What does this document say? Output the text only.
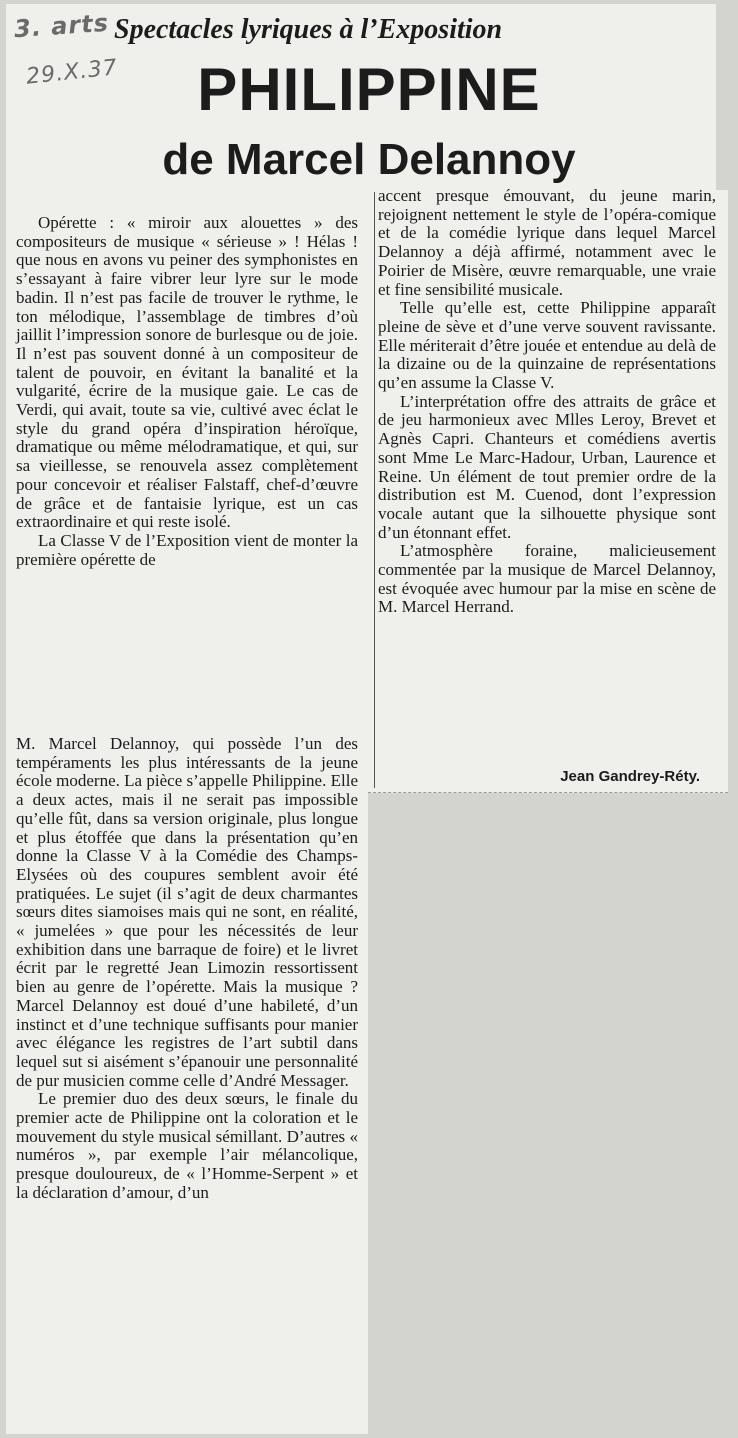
3. arts
29.X.37
Spectacles lyriques à l’Exposition
PHILIPPINE
de Marcel Delannoy

Opérette : « miroir aux alouettes » des compositeurs de musique « sérieuse » ! Hélas ! que nous en avons vu peiner des symphonistes en s’essayant à faire vibrer leur lyre sur le mode badin. Il n’est pas facile de trouver le rythme, le ton mélodique, l’assemblage de timbres d’où jaillit l’impression sonore de burlesque ou de joie. Il n’est pas souvent donné à un compositeur de talent de pouvoir, en évitant la banalité et la vulgarité, écrire de la musique gaie. Le cas de Verdi, qui avait, toute sa vie, cultivé avec éclat le style du grand opéra d’inspiration héroïque, dramatique ou même mélodramatique, et qui, sur sa vieillesse, se renouvela assez complètement pour concevoir et réaliser Falstaff, chef-d’œuvre de grâce et de fantaisie lyrique, est un cas extraordinaire et qui reste isolé.

La Classe V de l’Exposition vient de monter la première opérette de

M. Marcel Delannoy, qui possède l’un des tempéraments les plus intéressants de la jeune école moderne. La pièce s’appelle Philippine. Elle a deux actes, mais il ne serait pas impossible qu’elle fût, dans sa version originale, plus longue et plus étoffée que dans la présentation qu’en donne la Classe V à la Comédie des Champs-Elysées où des coupures semblent avoir été pratiquées. Le sujet (il s’agit de deux charmantes sœurs dites siamoises mais qui ne sont, en réalité, « jumelées » que pour les nécessités de leur exhibition dans une barraque de foire) et le livret écrit par le regretté Jean Limozin ressortissent bien au genre de l’opérette. Mais la musique ? Marcel Delannoy est doué d’une habileté, d’un instinct et d’une technique suffisants pour manier avec élégance les registres de l’art subtil dans lequel sut si aisément s’épanouir une personnalité de pur musicien comme celle d’André Messager.

Le premier duo des deux sœurs, le finale du premier acte de Philippine ont la coloration et le mouvement du style musical sémillant. D’autres « numéros », par exemple l’air mélancolique, presque douloureux, de « l’Homme-Serpent » et la déclaration d’amour, d’un

accent presque émouvant, du jeune marin, rejoignent nettement le style de l’opéra-comique et de la comédie lyrique dans lequel Marcel Delannoy a déjà affirmé, notamment avec le Poirier de Misère, œuvre remarquable, une vraie et fine sensibilité musicale.

Telle qu’elle est, cette Philippine apparaît pleine de sève et d’une verve souvent ravissante. Elle mériterait d’être jouée et entendue au delà de la dizaine ou de la quinzaine de représentations qu’en assume la Classe V.

L’interprétation offre des attraits de grâce et de jeu harmonieux avec Mlles Leroy, Brevet et Agnès Capri. Chanteurs et comédiens avertis sont Mme Le Marc-Hadour, Urban, Laurence et Reine. Un élément de tout premier ordre de la distribution est M. Cuenod, dont l’expression vocale autant que la silhouette physique sont d’un étonnant effet.

L’atmosphère foraine, malicieusement commentée par la musique de Marcel Delannoy, est évoquée avec humour par la mise en scène de M. Marcel Herrand.

Jean Gandrey-Réty.
